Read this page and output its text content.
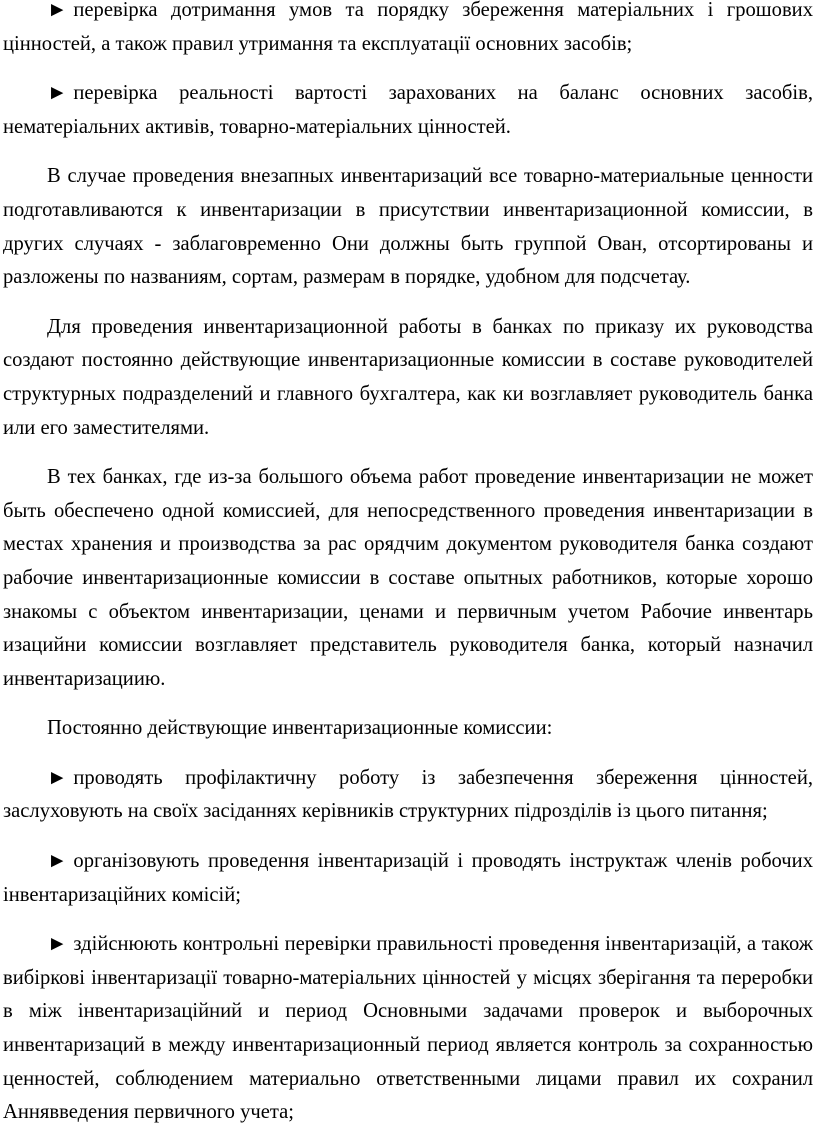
► перевірка дотримання умов та порядку збереження матеріальних і грошових цінностей, а також правил утримання та експлуатації основних засобів;

► перевірка реальності вартості зарахованих на баланс основних засобів, нематеріальних активів, товарно-матеріальних цінностей.

В случае проведения внезапных инвентаризаций все товарно-материальные ценности подготавливаются к инвентаризации в присутствии инвентаризационной комиссии, в других случаях - заблаговременно Они должны быть группой Ован, отсортированы и разложены по названиям, сортам, размерам в порядке, удобном для подсчетау.

Для проведения инвентаризационной работы в банках по приказу их руководства создают постоянно действующие инвентаризационные комиссии в составе руководителей структурных подразделений и главного бухгалтера, как ки возглавляет руководитель банка или его заместителями.

В тех банках, где из-за большого объема работ проведение инвентаризации не может быть обеспечено одной комиссией, для непосредственного проведения инвентаризации в местах хранения и производства за рас орядчим документом руководителя банка создают рабочие инвентаризационные комиссии в составе опытных работников, которые хорошо знакомы с объектом инвентаризации, ценами и первичным учетом Рабочие инвентарь изацийни комиссии возглавляет представитель руководителя банка, который назначил инвентаризациию.

Постоянно действующие инвентаризационные комиссии:

► проводять профілактичну роботу із забезпечення збереження цінностей, заслуховують на своїх засіданнях керівників структурних підрозділів із цього питання;

► організовують проведення інвентаризацій і проводять інструктаж членів робочих інвентаризаційних комісій;

► здійснюють контрольні перевірки правильності проведення інвентаризацій, а також вибіркові інвентаризації товарно-матеріальних цінностей у місцях зберігання та переробки в між інвентаризаційний и период Основными задачами проверок и выборочных инвентаризаций в между инвентаризационный период является контроль за сохранностью ценностей, соблюдением материально ответственными лицами правил их сохранил Аннявведения первичного учета;
